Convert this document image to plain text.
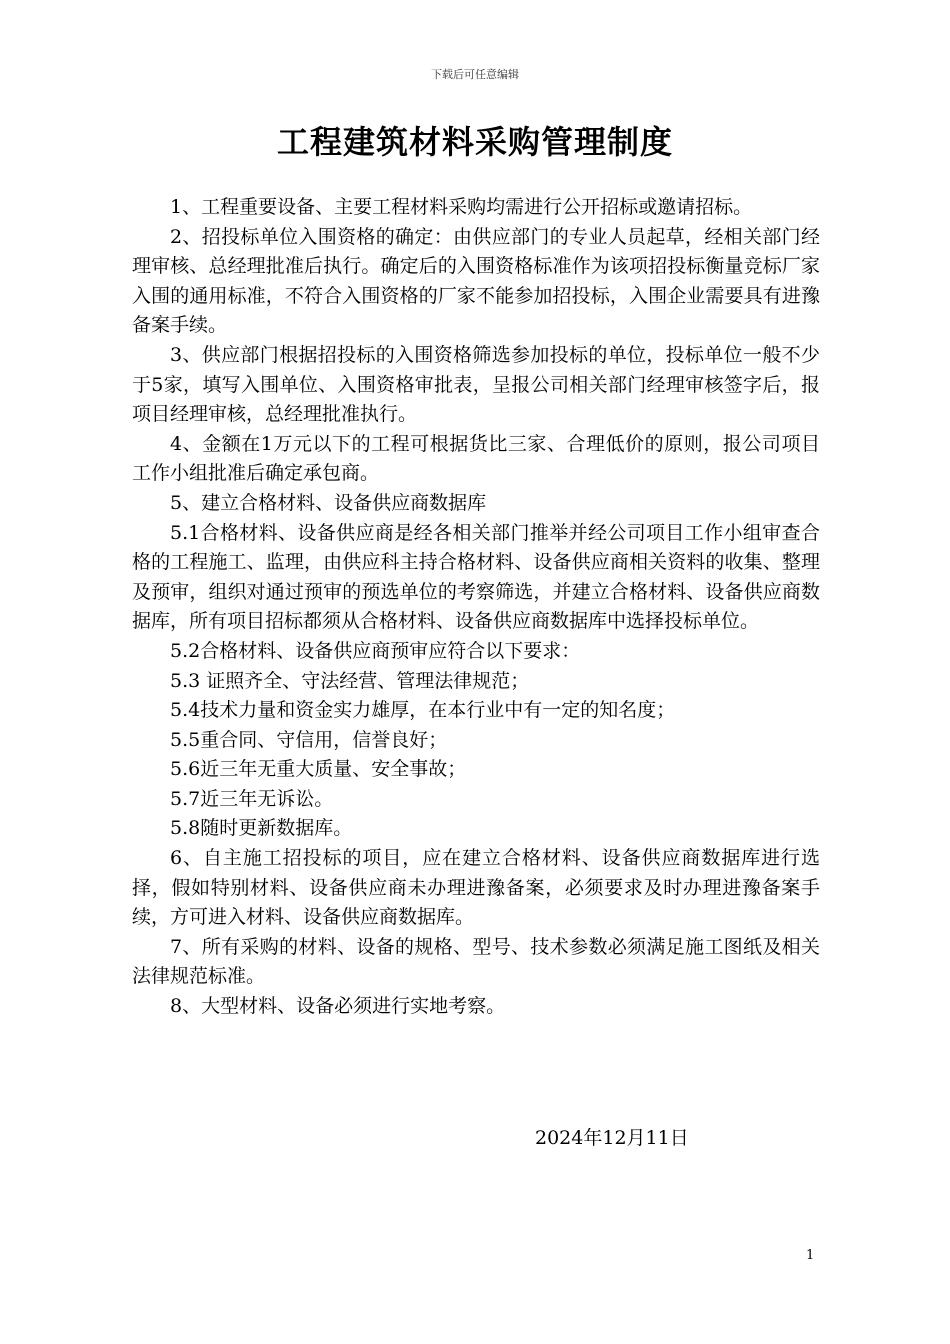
下载后可任意编辑
工程建筑材料采购管理制度

1、工程重要设备、主要工程材料采购均需进行公开招标或邀请招标。

2、招投标单位入围资格的确定：由供应部门的专业人员起草，经相关部门经理审核、总经理批准后执行。确定后的入围资格标准作为该项招投标衡量竞标厂家入围的通用标准，不符合入围资格的厂家不能参加招投标，入围企业需要具有进豫备案手续。

3、供应部门根据招投标的入围资格筛选参加投标的单位，投标单位一般不少于5家，填写入围单位、入围资格审批表，呈报公司相关部门经理审核签字后，报项目经理审核，总经理批准执行。

4、金额在1万元以下的工程可根据货比三家、合理低价的原则，报公司项目工作小组批准后确定承包商。

5、建立合格材料、设备供应商数据库

5.1合格材料、设备供应商是经各相关部门推举并经公司项目工作小组审查合格的工程施工、监理，由供应科主持合格材料、设备供应商相关资料的收集、整理及预审，组织对通过预审的预选单位的考察筛选，并建立合格材料、设备供应商数据库，所有项目招标都须从合格材料、设备供应商数据库中选择投标单位。

5.2合格材料、设备供应商预审应符合以下要求：

5.3 证照齐全、守法经营、管理法律规范；

5.4技术力量和资金实力雄厚，在本行业中有一定的知名度；

5.5重合同、守信用，信誉良好；

5.6近三年无重大质量、安全事故；

5.7近三年无诉讼。

5.8随时更新数据库。

6、自主施工招投标的项目，应在建立合格材料、设备供应商数据库进行选择，假如特别材料、设备供应商未办理进豫备案，必须要求及时办理进豫备案手续，方可进入材料、设备供应商数据库。

7、所有采购的材料、设备的规格、型号、技术参数必须满足施工图纸及相关法律规范标准。

8、大型材料、设备必须进行实地考察。

2024年12月11日
1
